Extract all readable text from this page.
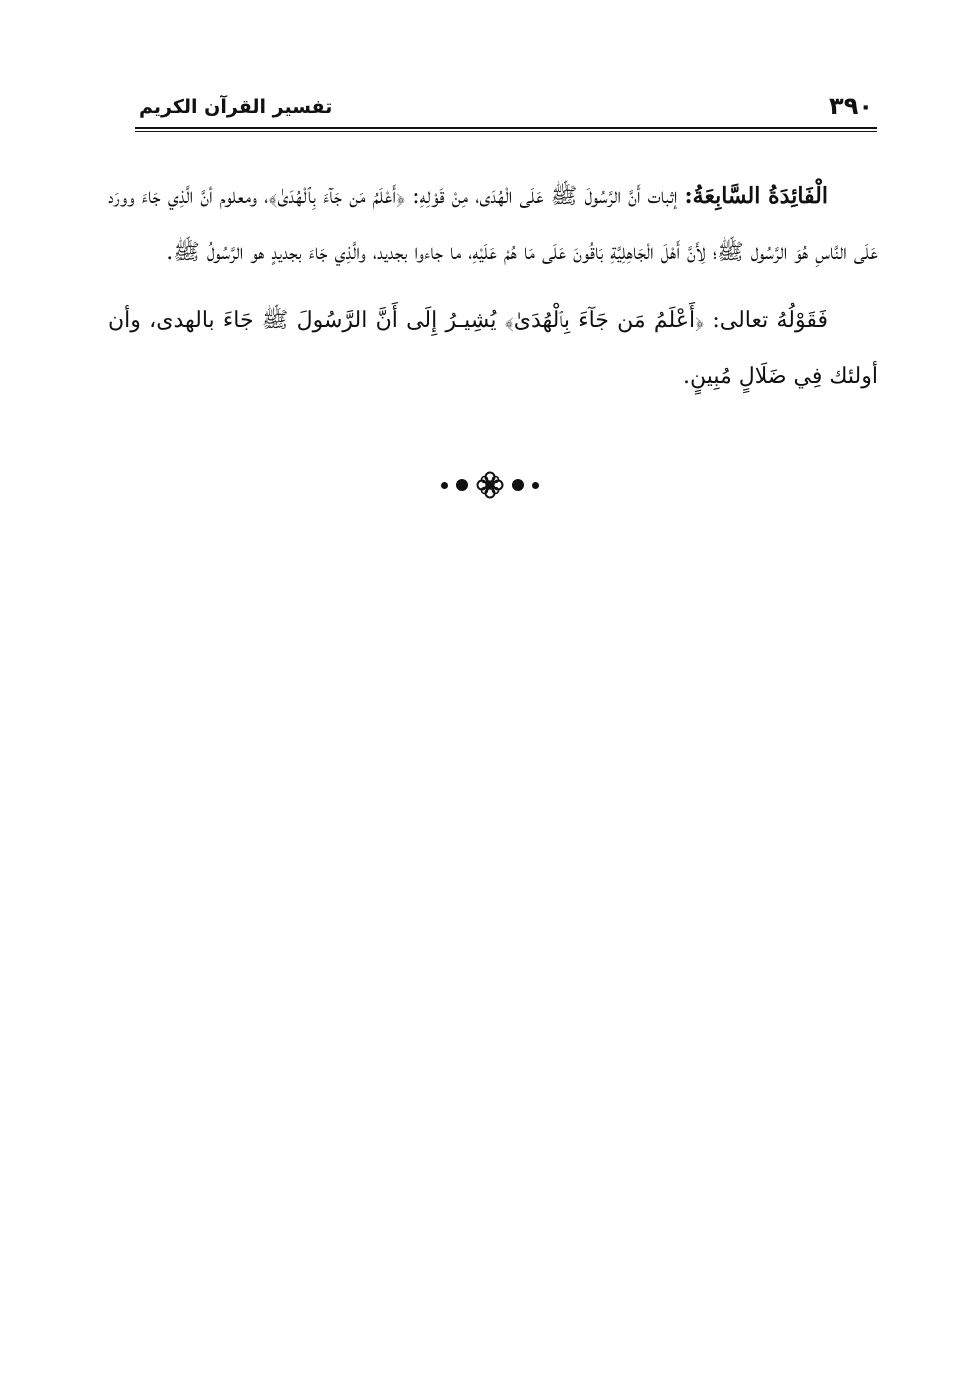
٣٩٠
تفسير القرآن الكريم

الْفَائِدَةُ السَّابِعَةُ: إثبات أَنَّ الرَّسُولَ ﷺ عَلَى الْهُدَى، مِنْ قَوْلِهِ: ﴿أَعْلَمُ مَن جَآءَ بِٱلْهُدَىٰ﴾، ومعلوم أنَّ الَّذِي جَاءَ وورَد عَلَى النَّاسِ هُوَ الرَّسُول ﷺ؛ لِأَنَّ أَهْلَ الْجَاهِلِيَّةِ بَاقُونَ عَلَى مَا هُمْ عَلَيْهِ، ما جاءوا بجديد، والَّذِي جَاءَ بجديدٍ هو الرَّسُولُ ﷺ.

فَقَوْلُهُ تعالى: ﴿أَعْلَمُ مَن جَآءَ بِٱلْهُدَىٰ﴾ يُشِيـرُ إِلَى أَنَّ الرَّسُولَ ﷺ جَاءَ بالهدى، وأن أولئك فِي ضَلَالٍ مُبِينٍ.
